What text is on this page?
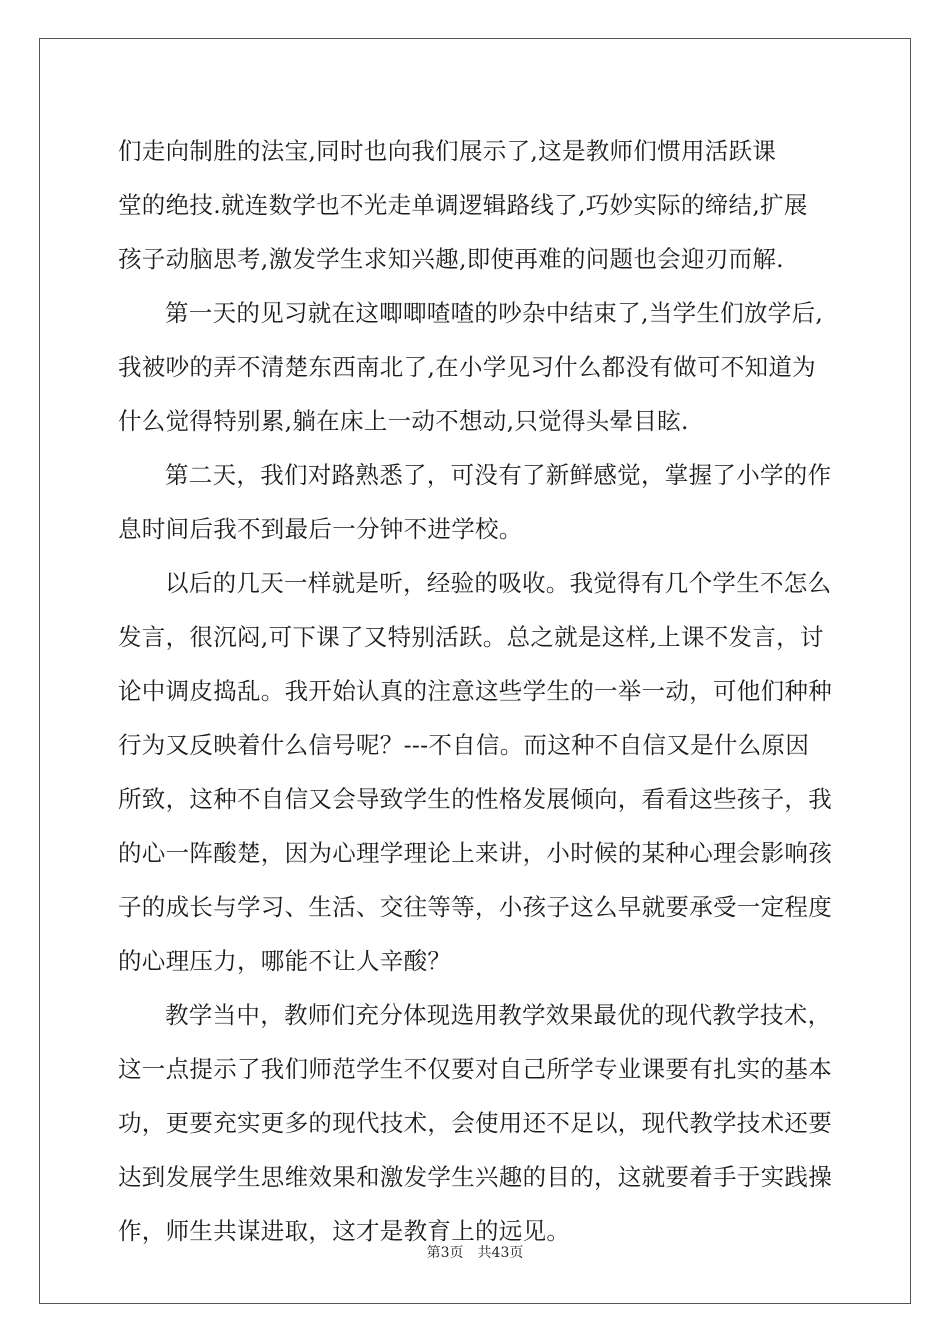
们走向制胜的法宝,同时也向我们展示了,这是教师们惯用活跃课
堂的绝技.就连数学也不光走单调逻辑路线了,巧妙实际的缔结,扩展
孩子动脑思考,激发学生求知兴趣,即使再难的问题也会迎刃而解.
第一天的见习就在这唧唧喳喳的吵杂中结束了,当学生们放学后,
我被吵的弄不清楚东西南北了,在小学见习什么都没有做可不知道为
什么觉得特别累,躺在床上一动不想动,只觉得头晕目眩.
第二天，我们对路熟悉了，可没有了新鲜感觉，掌握了小学的作
息时间后我不到最后一分钟不进学校。
以后的几天一样就是听，经验的吸收。我觉得有几个学生不怎么
发言，很沉闷,可下课了又特别活跃。总之就是这样,上课不发言，讨
论中调皮捣乱。我开始认真的注意这些学生的一举一动，可他们种种
行为又反映着什么信号呢？---不自信。而这种不自信又是什么原因
所致，这种不自信又会导致学生的性格发展倾向，看看这些孩子，我
的心一阵酸楚，因为心理学理论上来讲，小时候的某种心理会影响孩
子的成长与学习、生活、交往等等，小孩子这么早就要承受一定程度
的心理压力，哪能不让人辛酸？
教学当中，教师们充分体现选用教学效果最优的现代教学技术，
这一点提示了我们师范学生不仅要对自己所学专业课要有扎实的基本
功，更要充实更多的现代技术，会使用还不足以，现代教学技术还要
达到发展学生思维效果和激发学生兴趣的目的，这就要着手于实践操
作，师生共谋进取，这才是教育上的远见。
第3页 共43页
